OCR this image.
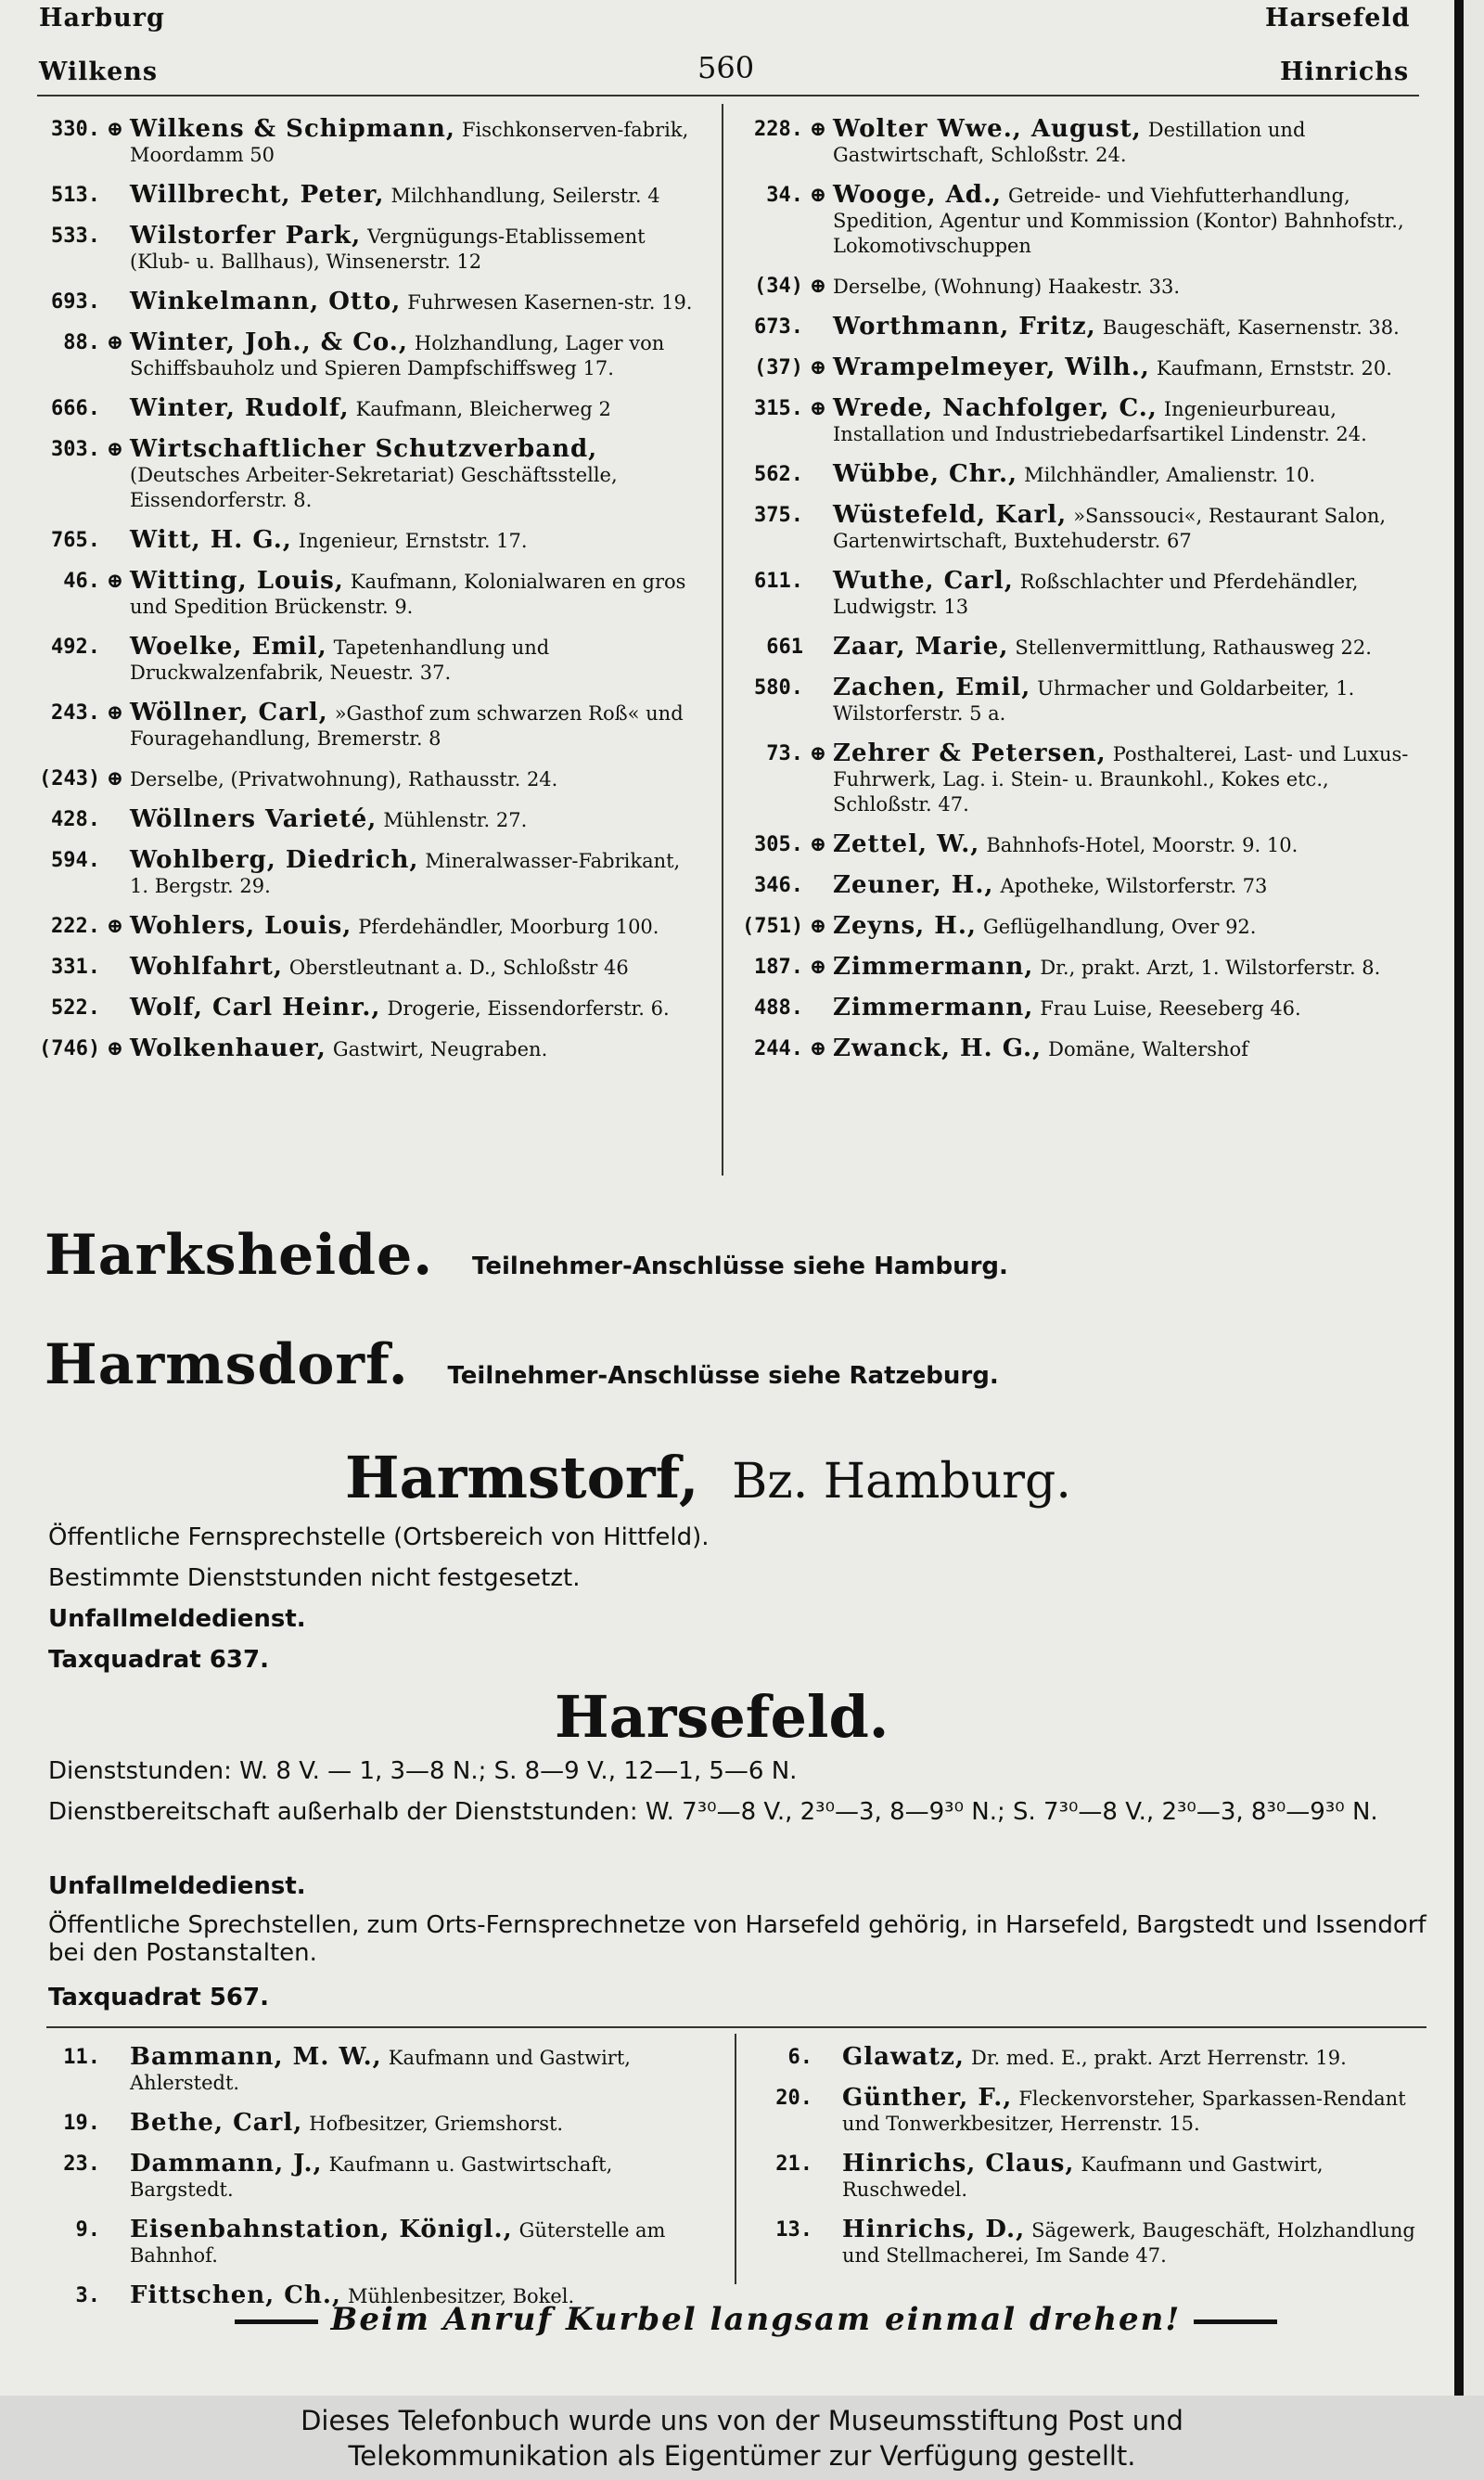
Harburg
Wilkens	560
Harsefeld
Hinrichs
330. ⊕ Wilkens & Schipmann, Fischkonserven-fabrik, Moordamm 50
513. Willbrecht, Peter, Milchhandlung, Seilerstr. 4
533. Wilstorfer Park, Vergnügungs-Etablissement (Klub- u. Ballhaus), Winsenerstr. 12
693. Winkelmann, Otto, Fuhrwesen Kasernen-str. 19.
88. ⊕ Winter, Joh., & Co., Holzhandlung, Lager von Schiffsbauholz und Spieren Dampfschiffsweg 17.
666. Winter, Rudolf, Kaufmann, Bleicherweg 2
303. ⊕ Wirtschaftlicher Schutzverband, (Deutsches Arbeiter-Sekretariat) Geschäftsstelle, Eissendorferstr. 8.
765. Witt, H. G., Ingenieur, Ernststr. 17.
46. ⊕ Witting, Louis, Kaufmann, Kolonialwaren en gros und Spedition Brückenstr. 9.
492. Woelke, Emil, Tapetenhandlung und Druckwalzenfabrik, Neuestr. 37.
243. ⊕ Wöllner, Carl, »Gasthof zum schwarzen Roß« und Fouragehandlung, Bremerstr. 8
(243) ⊕ Derselbe, (Privatwohnung), Rathausstr. 24.
428. Wöllners Varieté, Mühlenstr. 27.
594. Wohlberg, Diedrich, Mineralwasser-Fabrikant, 1. Bergstr. 29.
222. ⊕ Wohlers, Louis, Pferdehändler, Moorburg 100.
331. Wohlfahrt, Oberstleutnant a. D., Schloßstr 46
522. Wolf, Carl Heinr., Drogerie, Eissendorferstr. 6.
(746) ⊕ Wolkenhauer, Gastwirt, Neugraben.
228. ⊕ Wolter Wwe., August, Destillation und Gastwirtschaft, Schloßstr. 24.
34. ⊕ Wooge, Ad., Getreide- und Viehfutterhandlung, Spedition, Agentur und Kommission (Kontor) Bahnhofstr., Lokomotivschuppen
(34) ⊕ Derselbe, (Wohnung) Haakestr. 33.
673. Worthmann, Fritz, Baugeschäft, Kasernenstr. 38.
(37) ⊕ Wrampelmeyer, Wilh., Kaufmann, Ernststr. 20.
315. ⊕ Wrede, Nachfolger, C., Ingenieurbureau, Installation und Industriebedarfsartikel Lindenstr. 24.
562. Wübbe, Chr., Milchhändler, Amalienstr. 10.
375. Wüstefeld, Karl, »Sanssouci«, Restaurant Salon, Gartenwirtschaft, Buxtehuderstr. 67
611. Wuthe, Carl, Roßschlachter und Pferdehändler, Ludwigstr. 13
661 Zaar, Marie, Stellenvermittlung, Rathausweg 22.
580. Zachen, Emil, Uhrmacher und Goldarbeiter, 1. Wilstorferstr. 5 a.
73. ⊕ Zehrer & Petersen, Posthalterei, Last- und Luxus-Fuhrwerk, Lag. i. Stein- u. Braunkohl., Kokes etc., Schloßstr. 47.
305. ⊕ Zettel, W., Bahnhofs-Hotel, Moorstr. 9. 10.
346. Zeuner, H., Apotheke, Wilstorferstr. 73
(751) ⊕ Zeyns, H., Geflügelhandlung, Over 92.
187. ⊕ Zimmermann, Dr., prakt. Arzt, 1. Wilstorferstr. 8.
488. Zimmermann, Frau Luise, Reeseberg 46.
244. ⊕ Zwanck, H. G., Domäne, Waltershof
Harksheide. Teilnehmer-Anschlüsse siehe Hamburg.
Harmsdorf. Teilnehmer-Anschlüsse siehe Ratzeburg.
Harmstorf, Bz. Hamburg.
Öffentliche Fernsprechstelle (Ortsbereich von Hittfeld).
Bestimmte Dienststunden nicht festgesetzt.
Unfallmeldedienst.
Taxquadrat 637.
Harsefeld.
Dienststunden: W. 8 V. — 1, 3—8 N.; S. 8—9 V., 12—1, 5—6 N.
Dienstbereitschaft außerhalb der Dienststunden: W. 7³⁰—8 V., 2³⁰—3, 8—9³⁰ N.; S. 7³⁰—8 V., 2³⁰—3, 8³⁰—9³⁰ N.
Unfallmeldedienst.
Öffentliche Sprechstellen, zum Orts-Fernsprechnetze von Harsefeld gehörig, in Harsefeld, Bargstedt und Issendorf bei den Postanstalten.
Taxquadrat 567.
11. Bammann, M. W., Kaufmann und Gastwirt, Ahlerstedt.
19. Bethe, Carl, Hofbesitzer, Griemshorst.
23. Dammann, J., Kaufmann u. Gastwirtschaft, Bargstedt.
9. Eisenbahnstation, Königl., Güterstelle am Bahnhof.
3. Fittschen, Ch., Mühlenbesitzer, Bokel.
6. Glawatz, Dr. med. E., prakt. Arzt Herrenstr. 19.
20. Günther, F., Fleckenvorsteher, Sparkassen-Rendant und Tonwerkbesitzer, Herrenstr. 15.
21. Hinrichs, Claus, Kaufmann und Gastwirt, Ruschwedel.
13. Hinrichs, D., Sägewerk, Baugeschäft, Holzhandlung und Stellmacherei, Im Sande 47.
Beim Anruf Kurbel langsam einmal drehen!
Dieses Telefonbuch wurde uns von der Museumsstiftung Post und
Telekommunikation als Eigentümer zur Verfügung gestellt.
